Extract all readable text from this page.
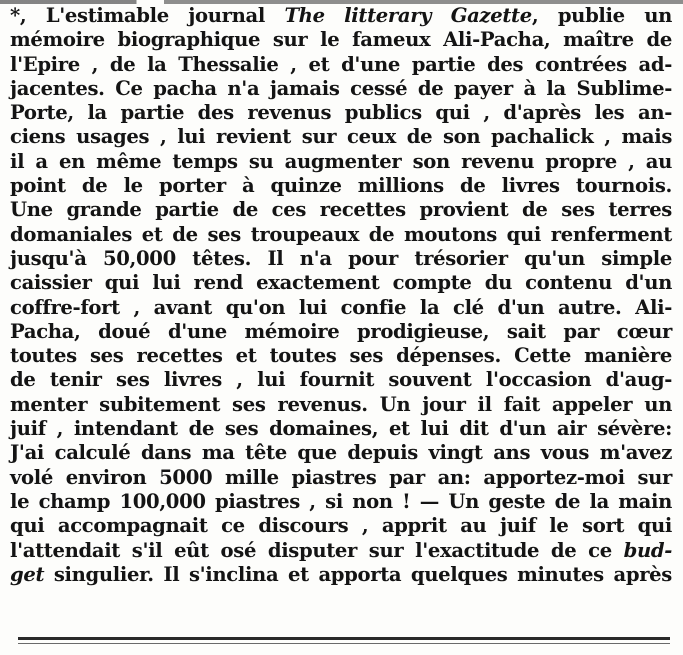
*, L'estimable journal The litterary Gazette, publie un
mémoire biographique sur le fameux Ali-Pacha, maître de
l'Epire , de la Thessalie , et d'une partie des contrées ad-
jacentes. Ce pacha n'a jamais cessé de payer à la Sublime-
Porte, la partie des revenus publics qui , d'après les an-
ciens usages , lui revient sur ceux de son pachalick , mais
il a en même temps su augmenter son revenu propre , au
point de le porter à quinze millions de livres tournois.
Une grande partie de ces recettes provient de ses terres
domaniales et de ses troupeaux de moutons qui renferment
jusqu'à 50,000 têtes. Il n'a pour trésorier qu'un simple
caissier qui lui rend exactement compte du contenu d'un
coffre-fort , avant qu'on lui confie la clé d'un autre. Ali-
Pacha, doué d'une mémoire prodigieuse, sait par cœur
toutes ses recettes et toutes ses dépenses. Cette manière
de tenir ses livres , lui fournit souvent l'occasion d'aug-
menter subitement ses revenus. Un jour il fait appeler un
juif , intendant de ses domaines, et lui dit d'un air sévère:
J'ai calculé dans ma tête que depuis vingt ans vous m'avez
volé environ 5000 mille piastres par an: apportez-moi sur
le champ 100,000 piastres , si non ! — Un geste de la main
qui accompagnait ce discours , apprit au juif le sort qui
l'attendait s'il eût osé disputer sur l'exactitude de ce bud-
get singulier. Il s'inclina et apporta quelques minutes après
